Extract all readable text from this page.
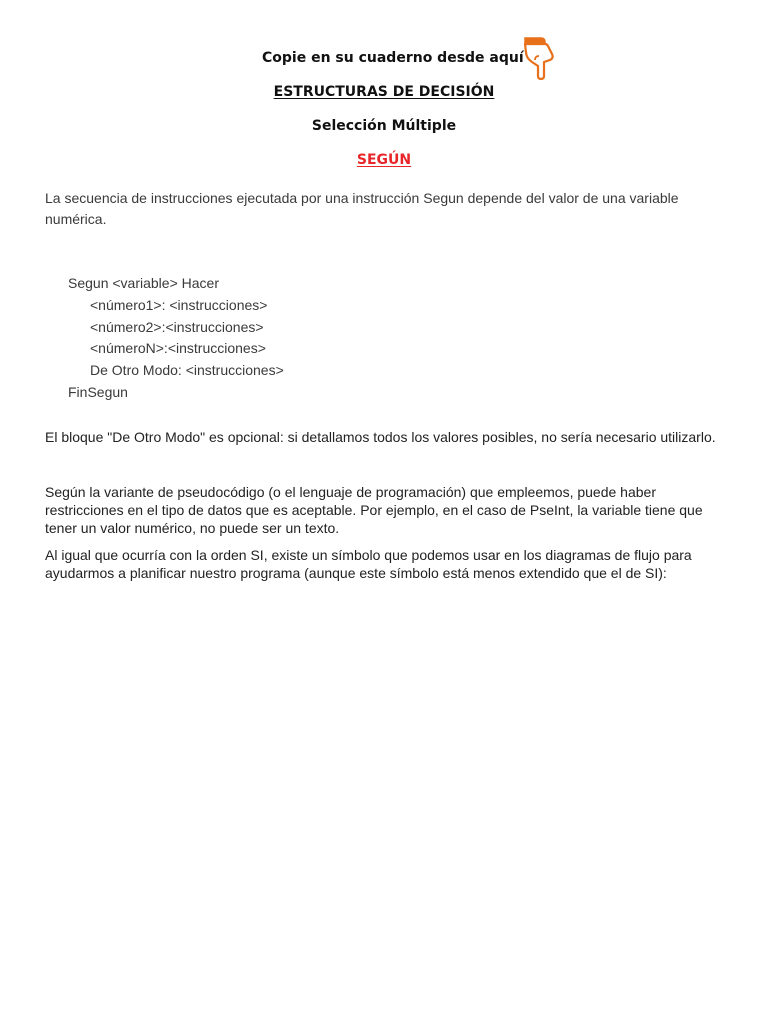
Copie en su cuaderno desde aquí
ESTRUCTURAS DE DECISIÓN
Selección Múltiple
SEGÚN
La secuencia de instrucciones ejecutada por una instrucción Segun depende del valor de una variable numérica.
Segun <variable> Hacer
<número1>: <instrucciones>
<número2>:<instrucciones>
<númeroN>:<instrucciones>
De Otro Modo: <instrucciones>
FinSegun
El bloque "De Otro Modo" es opcional: si detallamos todos los valores posibles, no sería necesario utilizarlo.
Según la variante de pseudocódigo (o el lenguaje de programación) que empleemos, puede haber restricciones en el tipo de datos que es aceptable. Por ejemplo, en el caso de PseInt, la variable tiene que tener un valor numérico, no puede ser un texto.
Al igual que ocurría con la orden SI, existe un símbolo que podemos usar en los diagramas de flujo para ayudarmos a planificar nuestro programa (aunque este símbolo está menos extendido que el de SI):
